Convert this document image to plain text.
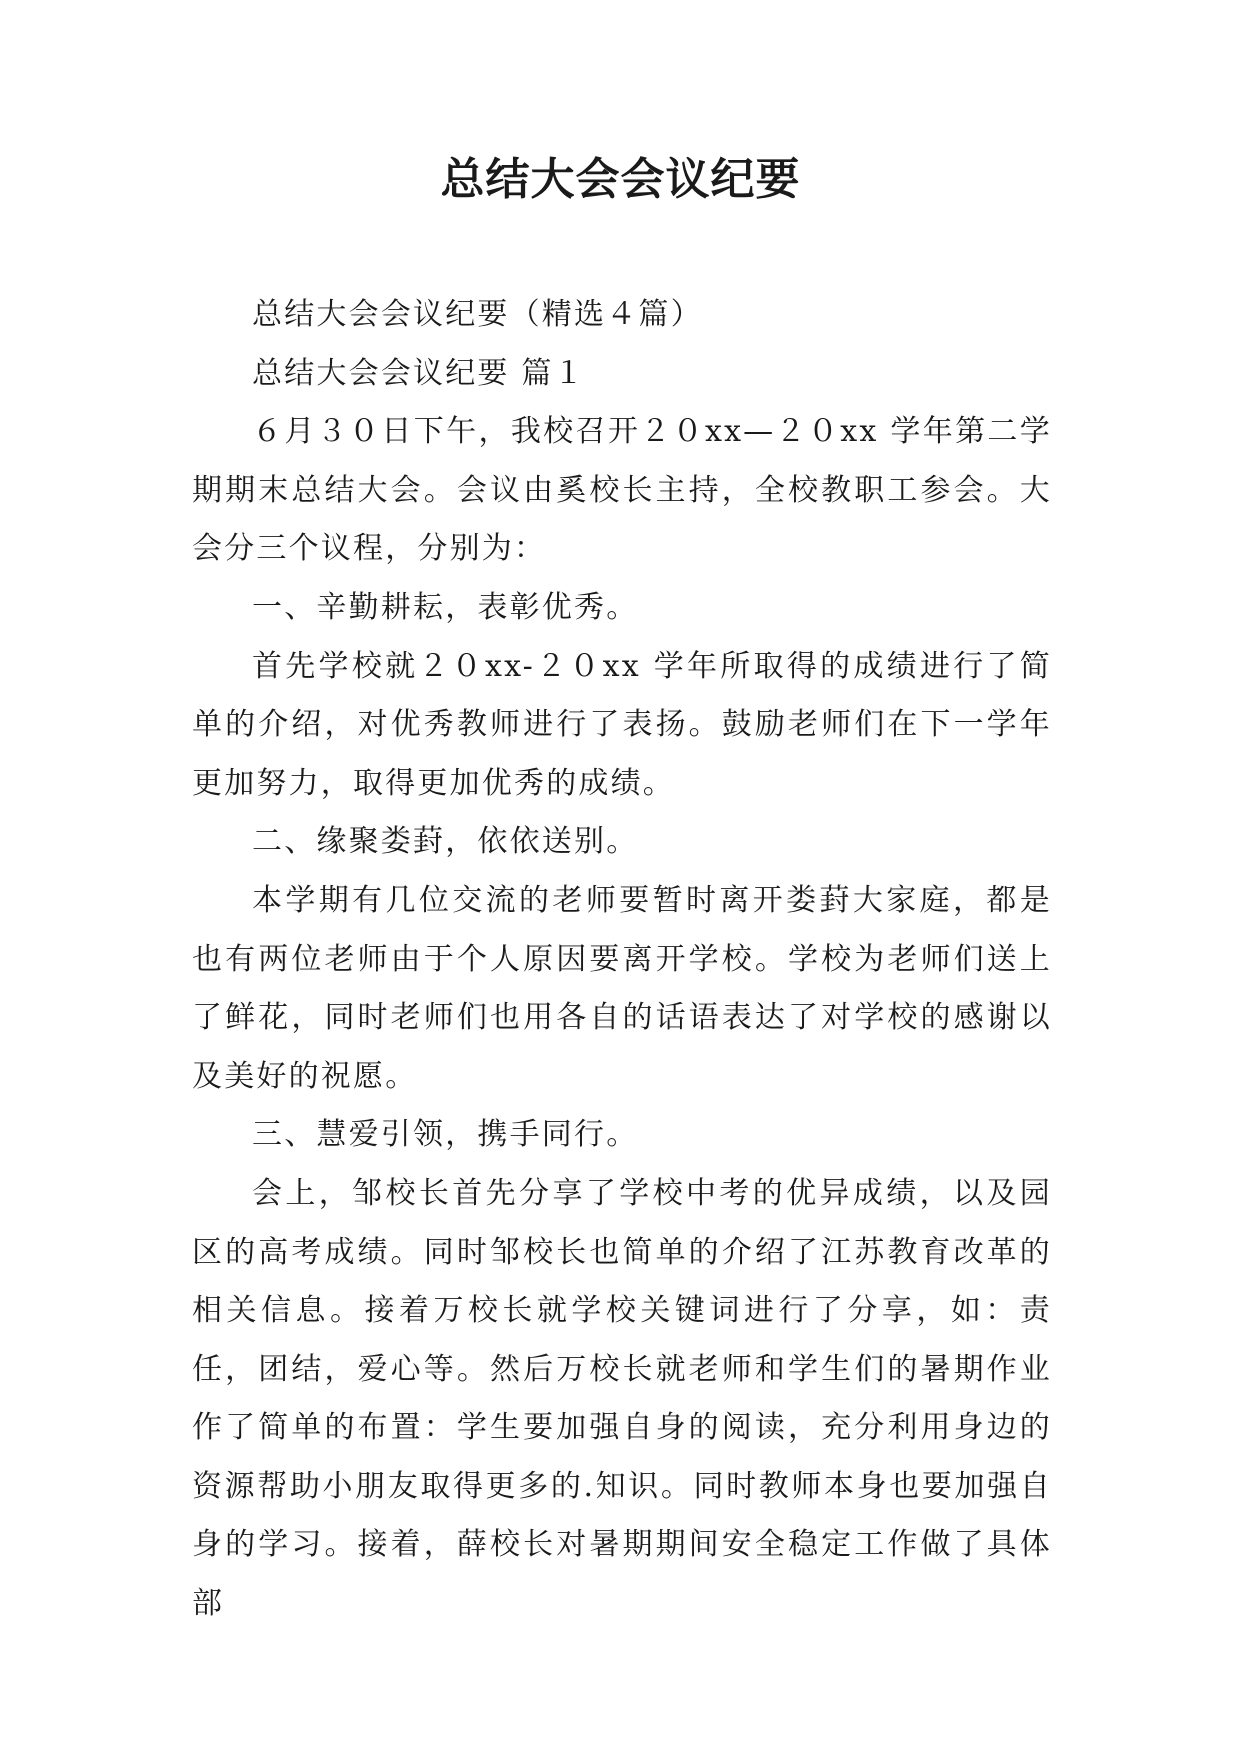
总结大会会议纪要

总结大会会议纪要（精选４篇）

总结大会会议纪要 篇１

６月３０日下午，我校召开２０xx—２０xx 学年第二学期期末总结大会。会议由奚校长主持，全校教职工参会。大会分三个议程，分别为：

一、辛勤耕耘，表彰优秀。

首先学校就２０xx-２０xx 学年所取得的成绩进行了简单的介绍，对优秀教师进行了表扬。鼓励老师们在下一学年更加努力，取得更加优秀的成绩。

二、缘聚娄葑，依依送别。

本学期有几位交流的老师要暂时离开娄葑大家庭，都是也有两位老师由于个人原因要离开学校。学校为老师们送上了鲜花，同时老师们也用各自的话语表达了对学校的感谢以及美好的祝愿。

三、慧爱引领，携手同行。

会上，邹校长首先分享了学校中考的优异成绩，以及园区的高考成绩。同时邹校长也简单的介绍了江苏教育改革的相关信息。接着万校长就学校关键词进行了分享，如：责任，团结，爱心等。然后万校长就老师和学生们的暑期作业作了简单的布置：学生要加强自身的阅读，充分利用身边的资源帮助小朋友取得更多的.知识。同时教师本身也要加强自身的学习。接着，薛校长对暑期期间安全稳定工作做了具体部
